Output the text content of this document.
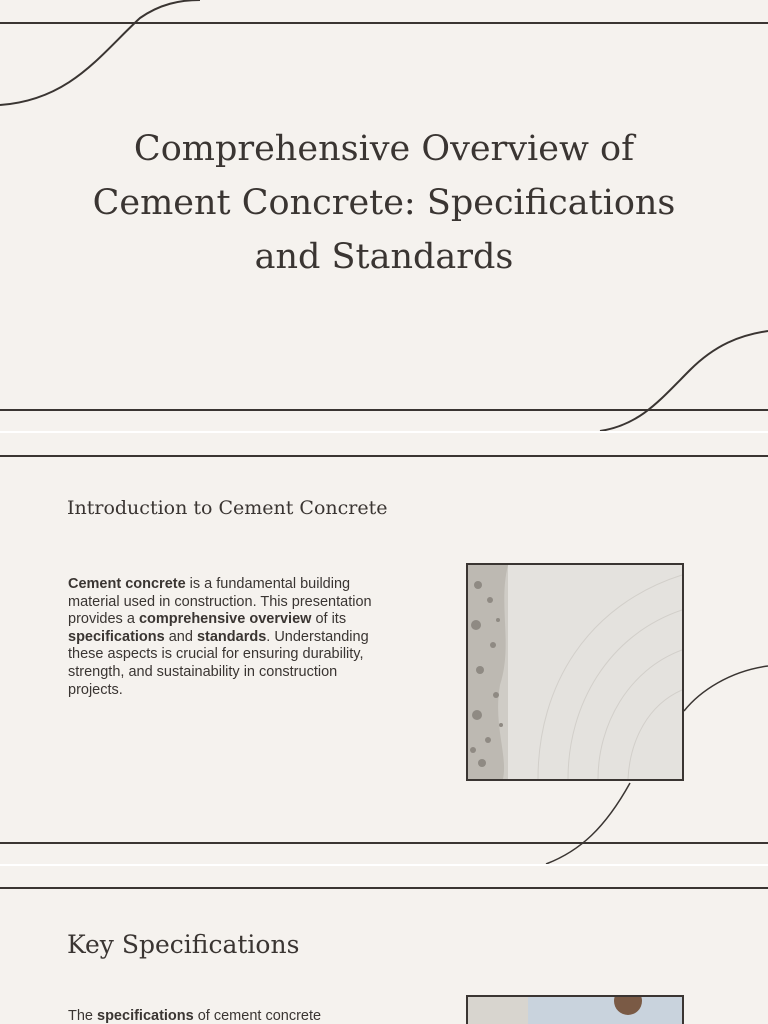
Comprehensive Overview of Cement Concrete: Specifications and Standards
Introduction to Cement Concrete

Cement concrete is a fundamental building material used in construction. This presentation provides a comprehensive overview of its specifications and standards. Understanding these aspects is crucial for ensuring durability, strength, and sustainability in construction projects.

Key Specifications

The specifications of cement concrete
